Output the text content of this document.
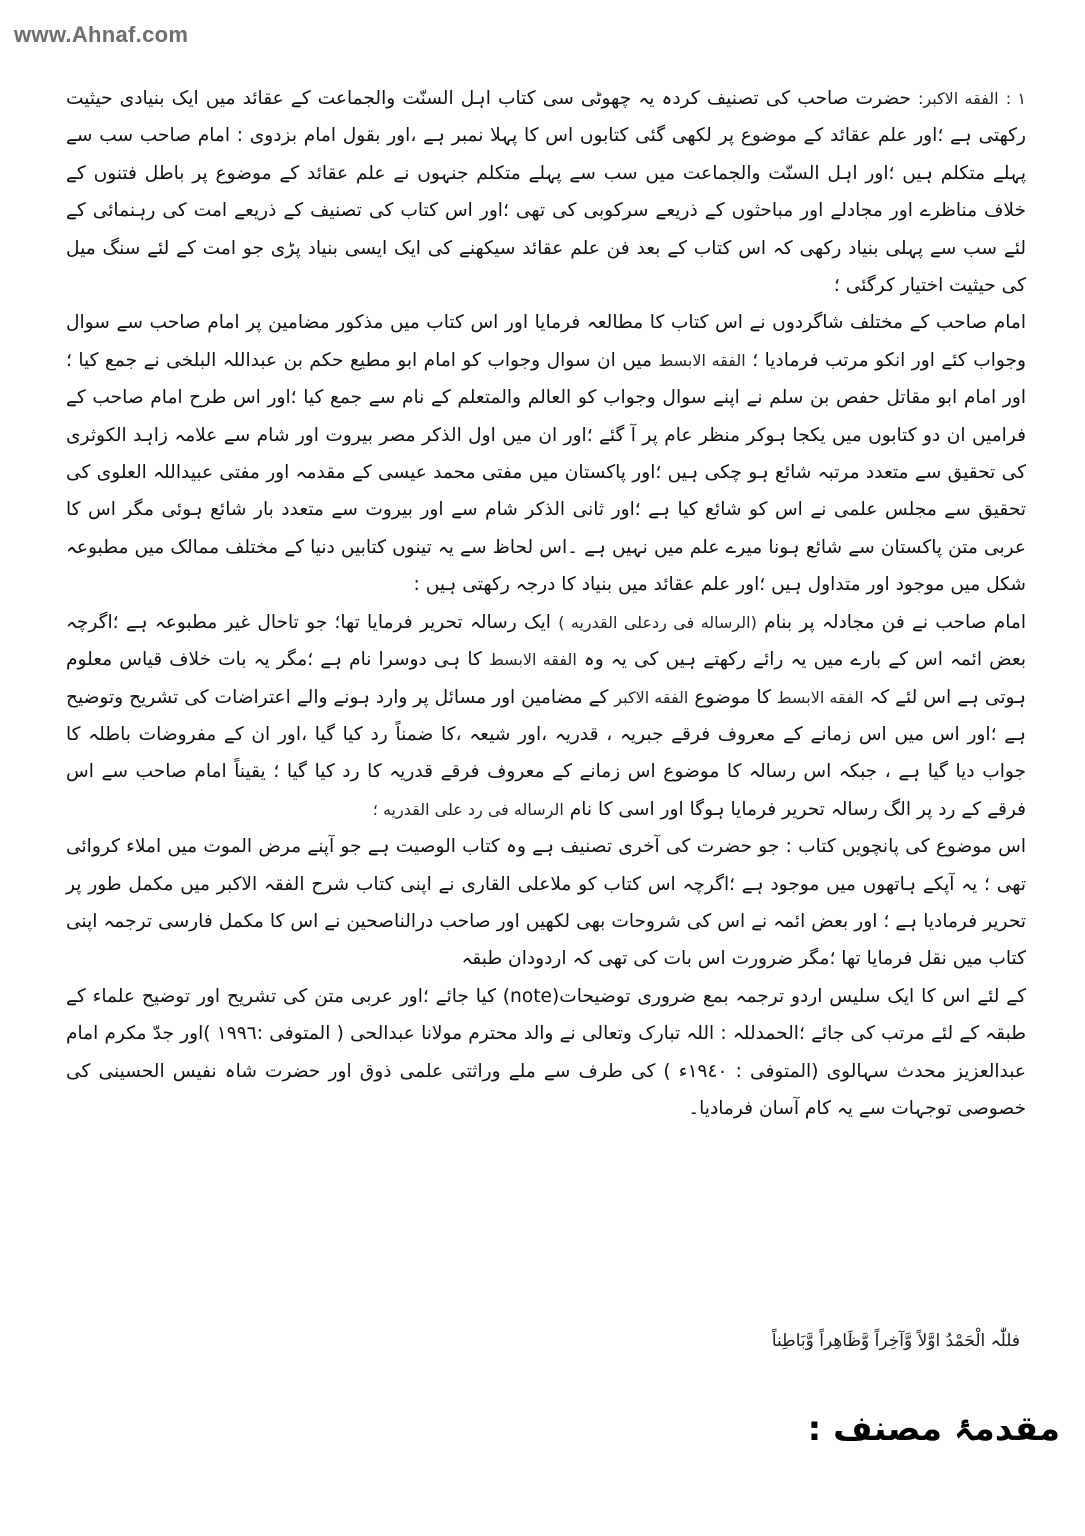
www.Ahnaf.com

١ : الفقه الاكبر: حضرت صاحب کی تصنیف کردہ یہ چھوٹی سی کتاب اہل السنّت والجماعت کے عقائد میں ایک بنیادی حیثیت رکھتی ہے ؛اور علم عقائد کے موضوع پر لکھی گئی کتابوں اس کا پہلا نمبر ہے ،اور بقول امام بزدوی : امام صاحب سب سے پہلے متکلم ہیں ؛اور اہل السنّت والجماعت میں سب سے پہلے متکلم جنہوں نے علم عقائد کے موضوع پر باطل فتنوں کے خلاف مناظرے اور مجادلے اور مباحثوں کے ذریعے سرکوبی کی تھی ؛اور اس کتاب کی تصنیف کے ذریعے امت کی رہنمائی کے لئے سب سے پہلی بنیاد رکھی کہ اس کتاب کے بعد فن علم عقائد سیکھنے کی ایک ایسی بنیاد پڑی جو امت کے لئے سنگ میل کی حیثیت اختیار کرگئی ؛

امام صاحب کے مختلف شاگردوں نے اس کتاب کا مطالعہ فرمایا اور اس کتاب میں مذکور مضامین پر امام صاحب سے سوال وجواب کئے اور انکو مرتب فرمادیا ؛ الفقه الابسط میں ان سوال وجواب کو امام ابو مطیع حکم بن عبداللہ البلخی نے جمع کیا ؛اور امام ابو مقاتل حفص بن سلم نے اپنے سوال وجواب کو العالم والمتعلم کے نام سے جمع کیا ؛اور اس طرح امام صاحب کے فرامیں ان دو کتابوں میں یکجا ہوکر منظر عام پر آ گئے ؛اور ان میں اول الذکر مصر بیروت اور شام سے علامہ زاہد الکوثری کی تحقیق سے متعدد مرتبہ شائع ہو چکی ہیں ؛اور پاکستان میں مفتی محمد عیسی کے مقدمہ اور مفتی عبیداللہ العلوی کی تحقیق سے مجلس علمی نے اس کو شائع کیا ہے ؛اور ثانی الذکر شام سے اور بیروت سے متعدد بار شائع ہوئی مگر اس کا عربی متن پاکستان سے شائع ہونا میرے علم میں نہیں ہے ۔اس لحاظ سے یہ تینوں کتابیں دنیا کے مختلف ممالک میں مطبوعہ شکل میں موجود اور متداول ہیں ؛اور علم عقائد میں بنیاد کا درجہ رکھتی ہیں :

امام صاحب نے فن مجادلہ پر بنام (الرساله فی ردعلی القدریه ) ایک رسالہ تحریر فرمایا تھا؛ جو تاحال غیر مطبوعہ ہے ؛اگرچہ بعض ائمہ اس کے بارے میں یہ رائے رکھتے ہیں کی یہ وہ الفقه الابسط کا ہی دوسرا نام ہے ؛مگر یہ بات خلاف قیاس معلوم ہوتی ہے اس لئے کہ الفقه الابسط کا موضوع الفقه الاکبر کے مضامین اور مسائل پر وارد ہونے والے اعتراضات کی تشریح وتوضیح ہے ؛اور اس میں اس زمانے کے معروف فرقے جبریہ ، قدریہ ،اور شیعہ ،کا ضمناً رد کیا گیا ،اور ان کے مفروضات باطلہ کا جواب دیا گیا ہے ، جبکہ اس رسالہ کا موضوع اس زمانے کے معروف فرقے قدریہ کا رد کیا گیا ؛ یقیناً امام صاحب سے اس فرقے کے رد پر الگ رسالہ تحریر فرمایا ہوگا اور اسی کا نام الرساله فی رد علی القدریه ؛

اس موضوع کی پانچویں کتاب : جو حضرت کی آخری تصنیف ہے وہ کتاب الوصیت ہے جو آپنے مرض الموت میں املاء کروائی تھی ؛ یہ آپکے ہاتھوں میں موجود ہے ؛اگرچہ اس کتاب کو ملاعلی القاری نے اپنی کتاب شرح الفقہ الاکبر میں مکمل طور پر تحریر فرمادیا ہے ؛ اور بعض ائمہ نے اس کی شروحات بھی لکھیں اور صاحب درالناصحین نے اس کا مکمل فارسی ترجمہ اپنی کتاب میں نقل فرمایا تھا ؛مگر ضرورت اس بات کی تھی کہ اردودان طبقہ

کے لئے اس کا ایک سلیس اردو ترجمہ بمع ضروری توضیحات(note) کیا جائے ؛اور عربی متن کی تشریح اور توضیح علماء کے طبقہ کے لئے مرتب کی جائے ؛الحمدللہ : اللہ تبارک وتعالی نے والد محترم مولانا عبدالحی ( المتوفی :١٩٩٦ )اور جدّ مکرم امام عبدالعزیز محدث سہالوی (المتوفی : ١٩٤٠ء ) کی طرف سے ملے وراثتی علمی ذوق اور حضرت شاہ نفیس الحسینی کی خصوصی توجہات سے یہ کام آسان فرمادیا۔

فللّٰہ الْحَمْدُ اوَّلاً وَّآخِراً وَّظَاهِراً وَّبَاطِناً
مقدمۂ مصنف :
